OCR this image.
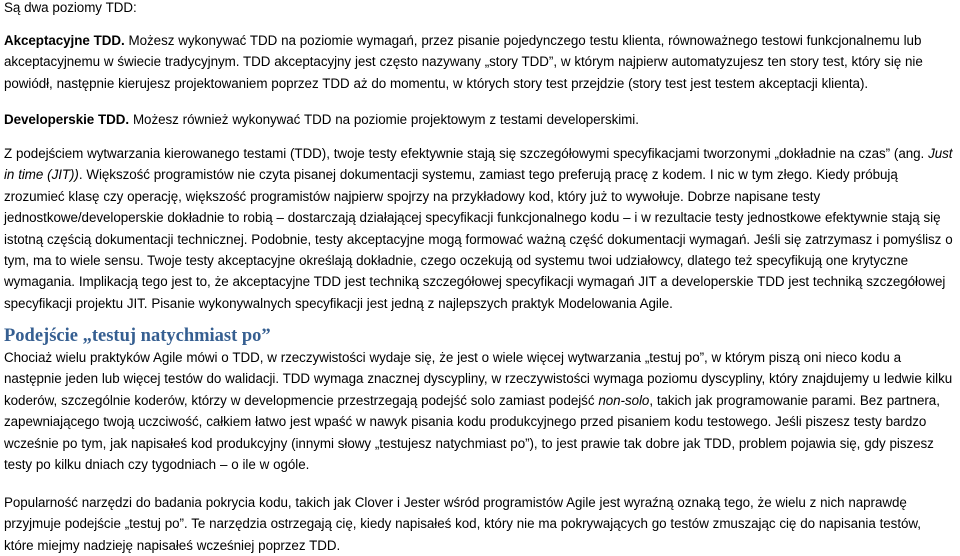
Są dwa poziomy TDD:

Akceptacyjne TDD. Możesz wykonywać TDD na poziomie wymagań, przez pisanie pojedynczego testu klienta, równoważnego testowi funkcjonalnemu lub akceptacyjnemu w świecie tradycyjnym. TDD akceptacyjny jest często nazywany „story TDD”, w którym najpierw automatyzujesz ten story test, który się nie powiódł, następnie kierujesz projektowaniem poprzez TDD aż do momentu, w których story test przejdzie (story test jest testem akceptacji klienta).

Developerskie TDD. Możesz również wykonywać TDD na poziomie projektowym z testami developerskimi.

Z podejściem wytwarzania kierowanego testami (TDD), twoje testy efektywnie stają się szczegółowymi specyfikacjami tworzonymi „dokładnie na czas” (ang. Just in time (JIT)). Większość programistów nie czyta pisanej dokumentacji systemu, zamiast tego preferują pracę z kodem. I nic w tym złego. Kiedy próbują zrozumieć klasę czy operację, większość programistów najpierw spojrzy na przykładowy kod, który już to wywołuje. Dobrze napisane testy jednostkowe/developerskie dokładnie to robią – dostarczają działającej specyfikacji funkcjonalnego kodu – i w rezultacie testy jednostkowe efektywnie stają się istotną częścią dokumentacji technicznej. Podobnie, testy akceptacyjne mogą formować ważną część dokumentacji wymagań. Jeśli się zatrzymasz i pomyślisz o tym, ma to wiele sensu. Twoje testy akceptacyjne określają dokładnie, czego oczekują od systemu twoi udziałowcy, dlatego też specyfikują one krytyczne wymagania. Implikacją tego jest to, że akceptacyjne TDD jest techniką szczegółowej specyfikacji wymagań JIT a developerskie TDD jest techniką szczegółowej specyfikacji projektu JIT. Pisanie wykonywalnych specyfikacji jest jedną z najlepszych praktyk Modelowania Agile.

Podejście „testuj natychmiast po”

Chociaż wielu praktyków Agile mówi o TDD, w rzeczywistości wydaje się, że jest o wiele więcej wytwarzania „testuj po”, w którym piszą oni nieco kodu a następnie jeden lub więcej testów do walidacji. TDD wymaga znacznej dyscypliny, w rzeczywistości wymaga poziomu dyscypliny, który znajdujemy u ledwie kilku koderów, szczególnie koderów, którzy w developmencie przestrzegają podejść solo zamiast podejść non-solo, takich jak programowanie parami. Bez partnera, zapewniającego twoją uczciwość, całkiem łatwo jest wpaść w nawyk pisania kodu produkcyjnego przed pisaniem kodu testowego. Jeśli piszesz testy bardzo wcześnie po tym, jak napisałeś kod produkcyjny (innymi słowy „testujesz natychmiast po”), to jest prawie tak dobre jak TDD, problem pojawia się, gdy piszesz testy po kilku dniach czy tygodniach – o ile w ogóle.

Popularność narzędzi do badania pokrycia kodu, takich jak Clover i Jester wśród programistów Agile jest wyraźną oznaką tego, że wielu z nich naprawdę przyjmuje podejście „testuj po”. Te narzędzia ostrzegają cię, kiedy napisałeś kod, który nie ma pokrywających go testów zmuszając cię do napisania testów, które miejmy nadzieję napisałeś wcześniej poprzez TDD.
